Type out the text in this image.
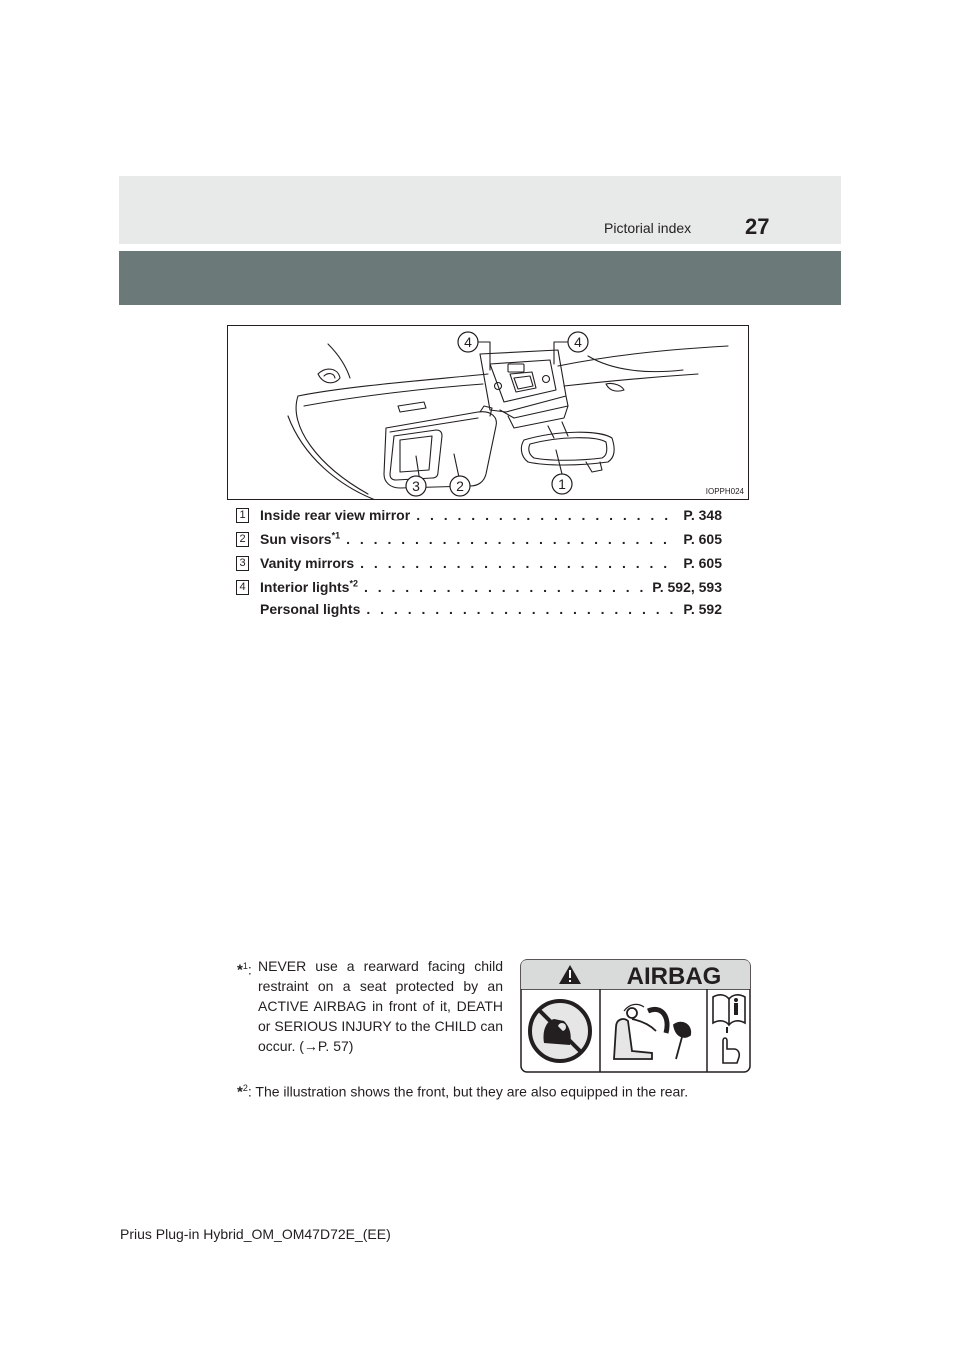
Pictorial index 27
4	4
1
2
3	IOPPH024
1 Inside rear view mirror . . .	P. 348
2 Sun visors$^{*1}$ . . .	P. 605
3 Vanity mirrors . . .	P. 605
4 Interior lights$^{*2}$ . . .	P. 592, 593
Personal lights . . .	P. 592
*$^1$: NEVER use a rearward facing child restraint on a seat protected by an ACTIVE AIRBAG in front of it, DEATH or SERIOUS INJURY to the CHILD can occur. (→P. 57)
*$^2$: The illustration shows the front, but they are also equipped in the rear.
AIRBAG
Prius Plug-in Hybrid_OM_OM47D72E_(EE)
